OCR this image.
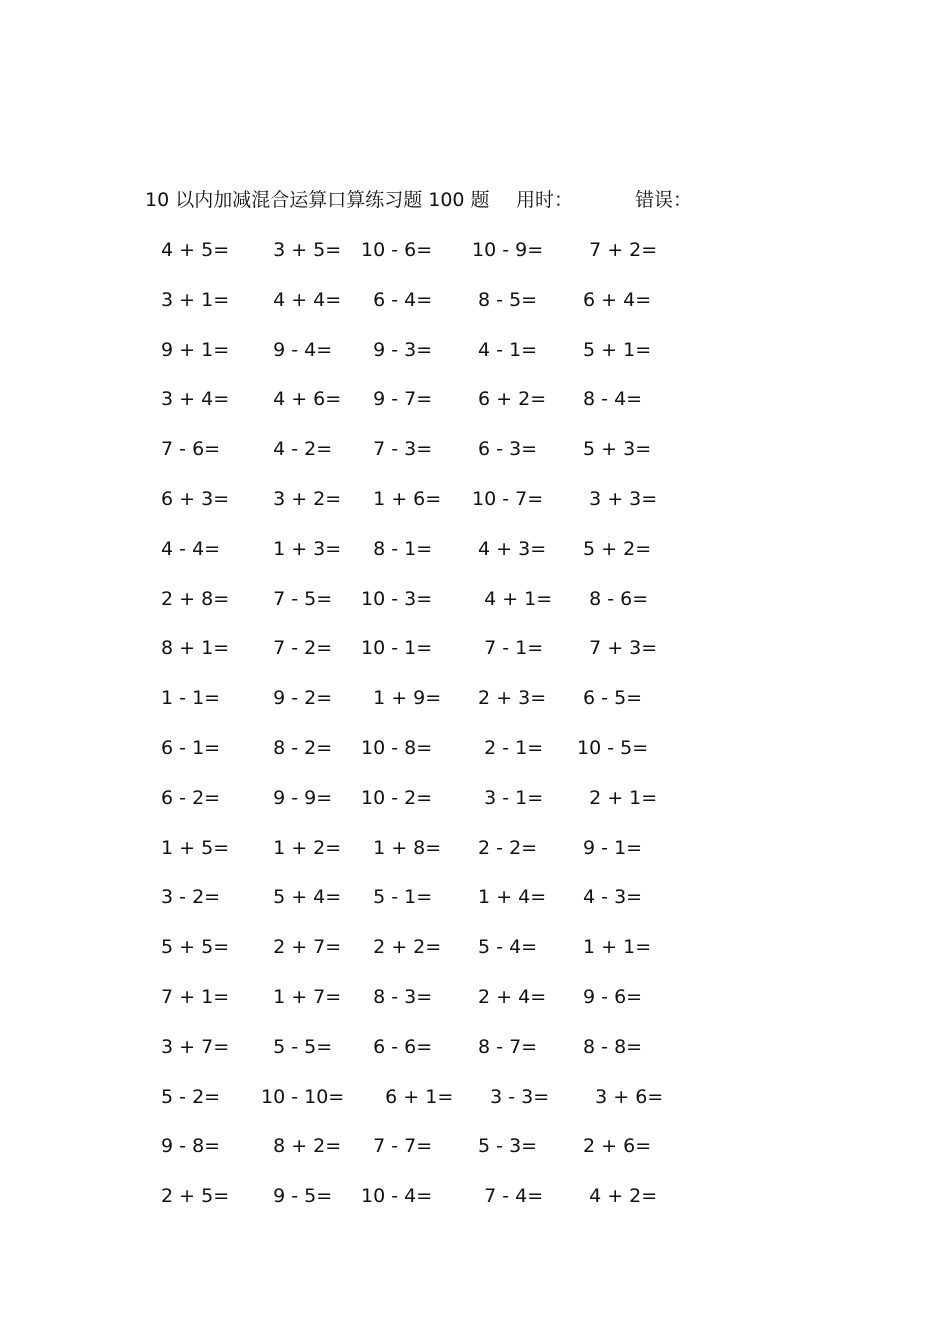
10 以内加减混合运算口算练习题 100 题 用时：	错误：
4 + 5= 3 + 5= 10 - 6= 10 - 9= 7 + 2=
3 + 1= 4 + 4= 6 - 4= 8 - 5= 6 + 4=
9 + 1= 9 - 4= 9 - 3= 4 - 1= 5 + 1=
3 + 4= 4 + 6= 9 - 7= 6 + 2= 8 - 4=
7 - 6= 4 - 2= 7 - 3= 6 - 3= 5 + 3=
6 + 3= 3 + 2= 1 + 6= 10 - 7= 3 + 3=
4 - 4= 1 + 3= 8 - 1= 4 + 3= 5 + 2=
2 + 8= 7 - 5= 10 - 3= 4 + 1= 8 - 6=
8 + 1= 7 - 2= 10 - 1= 7 - 1= 7 + 3=
1 - 1= 9 - 2= 1 + 9= 2 + 3= 6 - 5=
6 - 1= 8 - 2= 10 - 8= 2 - 1= 10 - 5=
6 - 2= 9 - 9= 10 - 2= 3 - 1= 2 + 1=
1 + 5= 1 + 2= 1 + 8= 2 - 2= 9 - 1=
3 - 2= 5 + 4= 5 - 1= 1 + 4= 4 - 3=
5 + 5= 2 + 7= 2 + 2= 5 - 4= 1 + 1=
7 + 1= 1 + 7= 8 - 3= 2 + 4= 9 - 6=
3 + 7= 5 - 5= 6 - 6= 8 - 7= 8 - 8=
5 - 2= 10 - 10= 6 + 1= 3 - 3= 3 + 6=
9 - 8= 8 + 2= 7 - 7= 5 - 3= 2 + 6=
2 + 5= 9 - 5= 10 - 4= 7 - 4= 4 + 2=
